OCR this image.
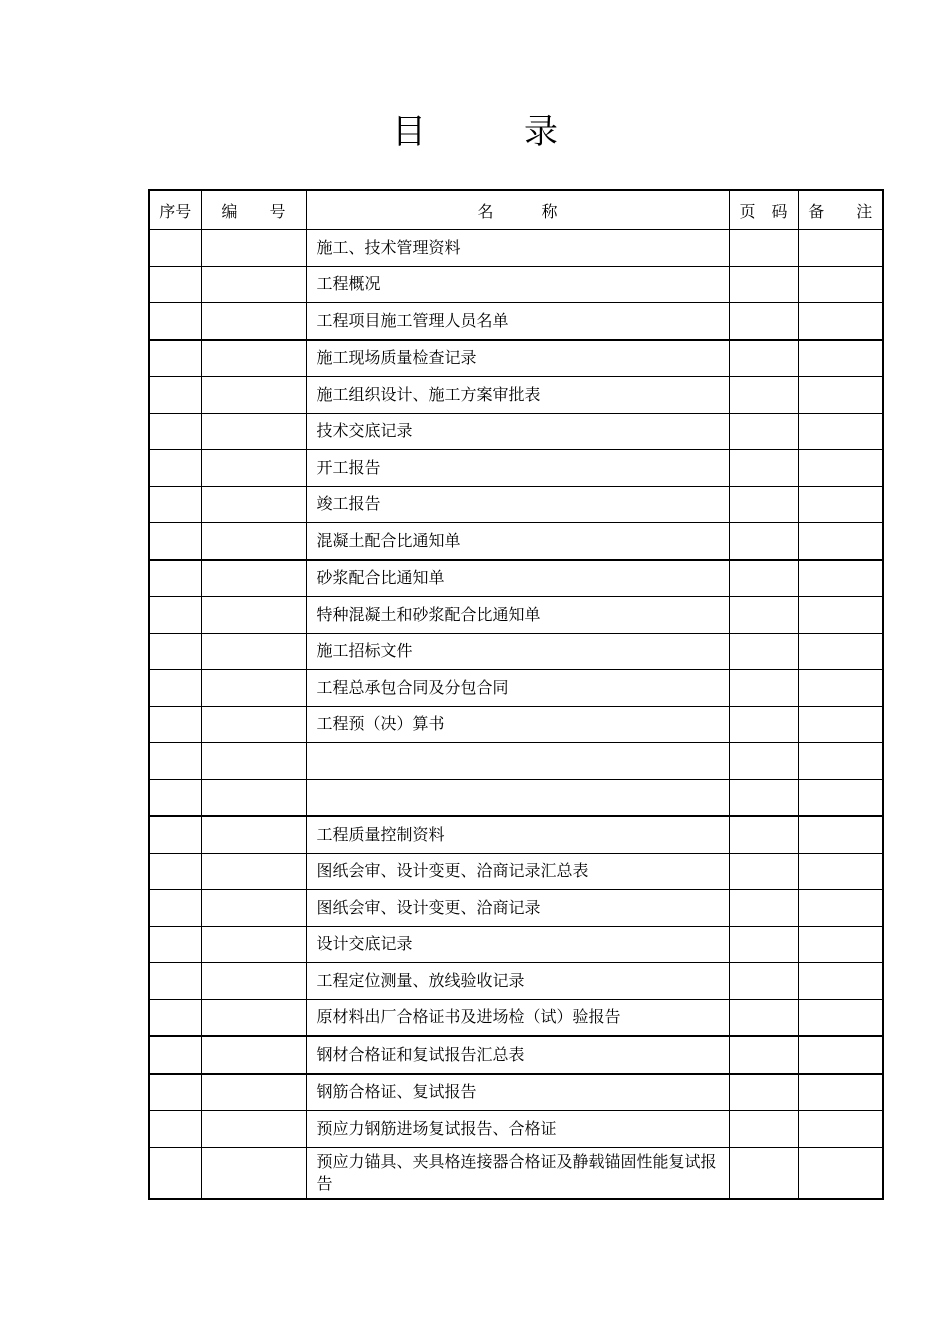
目	录
序号	编 号	名 称	页 码	备 注
		施工、技术管理资料		
		工程概况		
		工程项目施工管理人员名单		
		施工现场质量检查记录		
		施工组织设计、施工方案审批表		
		技术交底记录		
		开工报告		
		竣工报告		
		混凝土配合比通知单		
		砂浆配合比通知单		
		特种混凝土和砂浆配合比通知单		
		施工招标文件		
		工程总承包合同及分包合同		
		工程预（决）算书		

		工程质量控制资料		
		图纸会审、设计变更、洽商记录汇总表		
		图纸会审、设计变更、洽商记录		
		设计交底记录		
		工程定位测量、放线验收记录		
		原材料出厂合格证书及进场检（试）验报告		
		钢材合格证和复试报告汇总表		
		钢筋合格证、复试报告		
		预应力钢筋进场复试报告、合格证		
		预应力锚具、夹具格连接器合格证及静载锚固性能复试报告		
